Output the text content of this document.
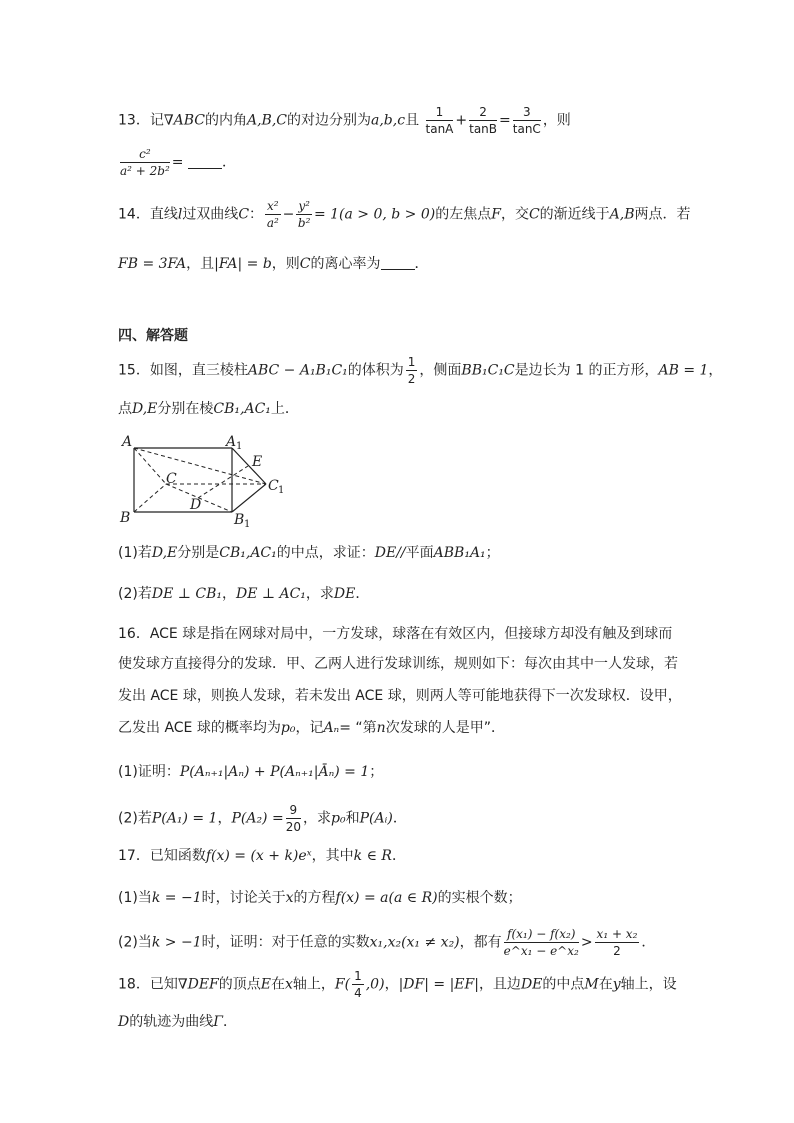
13．记∇ABC的内角A,B,C的对边分别为a,b,c且 $\frac{1}{\tan A} + \frac{2}{\tan B} = \frac{3}{\tan C}$ ，则
$\frac{\text{c²}}{\text{a² + 2b²}}$ =	．
14．直线l过双曲线C： $\frac{\text{x²}}{\text{a²}} - \frac{\text{y²}}{\text{b²}} = 1(a > 0$, b > 0)的左焦点F，交C的渐近线于A,B两点．若
FB = 3FA，且|FA| = b，则C的离心率为 ．
四、解答题
15．如图，直三棱柱ABC − A₁B₁C₁的体积为 $\frac{1}{2}$ ，侧面BB₁C₁C是边长为 1 的正方形，AB = 1，
点D,E分别在棱CB₁,AC₁上．
A	A 1
B	B 1
C	C 1
D
E
(1)若D,E分别是CB₁,AC₁的中点，求证：DE//平面ABB₁A₁；
(2)若DE ⊥ CB₁，DE ⊥ AC₁，求DE．
16．ACE 球是指在网球对局中，一方发球，球落在有效区内，但接球方却没有触及到球而
使发球方直接得分的发球．甲、乙两人进行发球训练，规则如下：每次由其中一人发球，若
发出 ACE 球，则换人发球，若未发出 ACE 球，则两人等可能地获得下一次发球权．设甲，
乙发出 ACE 球的概率均为p₀，记Aₙ= “第n次发球的人是甲”．
(1)证明：P(Aₙ₊₁|Aₙ) + P(Aₙ₊₁|Āₙ) = 1；
(2)若P(A₁) = 1，$P(A_2) = \frac{9}{20}$ ，求p₀和P(Aᵢ)．
17．已知函数f(x) = (x + k)eˣ，其中k ∈ R．
(1)当k = −1时，讨论关于x的方程f(x) = a(a ∈ R)的实根个数；
(2)当k > −1时，证明：对于任意的实数x₁,x₂(x₁ ≠ x₂)，都有 $\frac{\text{f(x₁) − f(x₂)}}{\text{e\textasciicircum{}x₁ − e\textasciicircum{}x₂}} > \frac{\text{x₁ + x₂}}{2}$ ．
18．已知∇DEF的顶点E在x轴上，$F( \frac{1}{4} ,0)$，|DF| = |EF|，且边DE的中点M在y轴上，设
D的轨迹为曲线Γ．
